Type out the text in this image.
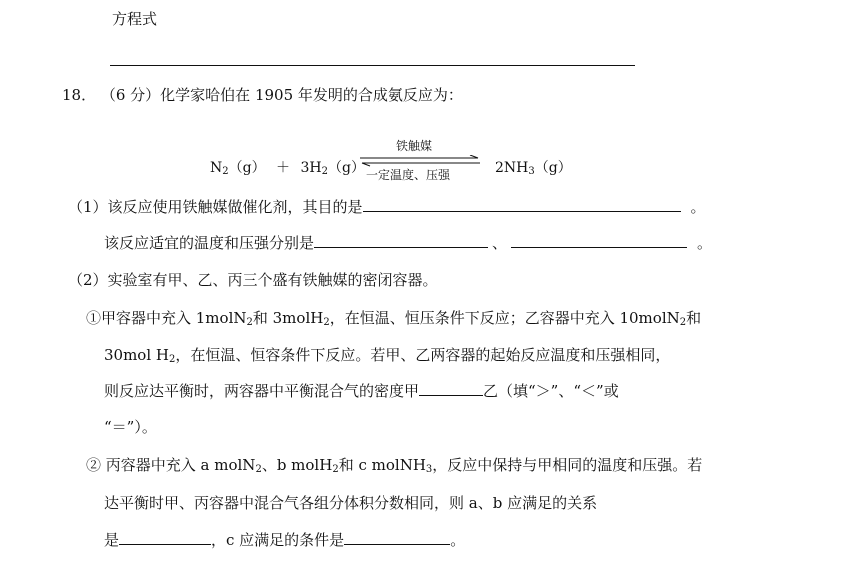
方程式
18． （6 分）化学家哈伯在 1905 年发明的合成氨反应为：
$N_2(g) + 3H_2(g)$
铁触媒
一定温度、压强	$2NH_3(g)$
（1）该反应使用铁触媒做催化剂，其目的是	。
该反应适宜的温度和压强分别是	、	。
（2）实验室有甲、乙、丙三个盛有铁触媒的密闭容器。
①甲容器中充入 1molN$_2$和 3molH$_2$，在恒温、恒压条件下反应；乙容器中充入 10molN$_2$和
30mol $H_2$，在恒温、恒容条件下反应。若甲、乙两容器的起始反应温度和压强相同，
则反应达平衡时，两容器中平衡混合气的密度甲	乙（填“＞”、“＜”或
“＝”）。
② 丙容器中充入 a molN$_2$、b molH$_2$和 c molNH$_3$，反应中保持与甲相同的温度和压强。若
达平衡时甲、丙容器中混合气各组分体积分数相同，则 a、b 应满足的关系
是	，c 应满足的条件是	。
